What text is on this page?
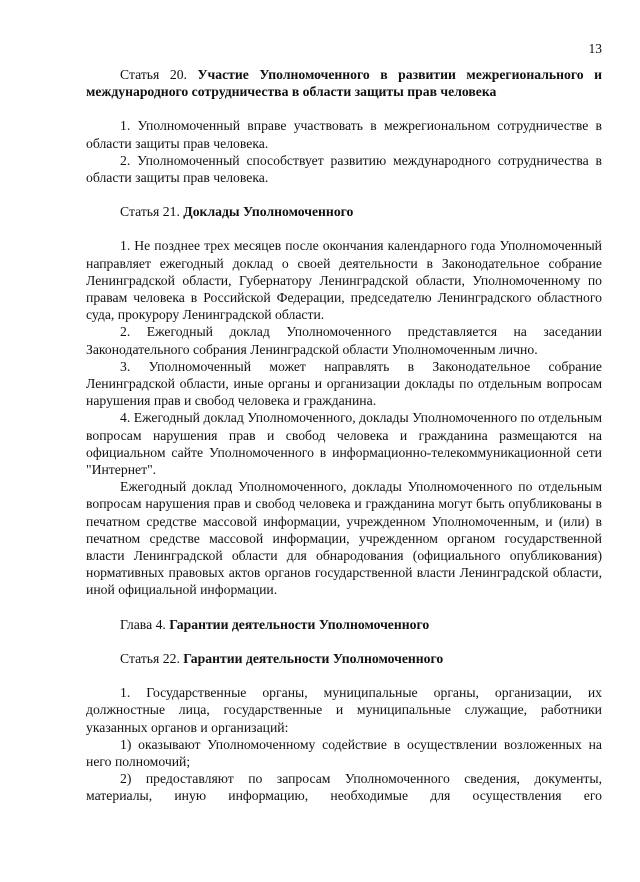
13

Статья 20. Участие Уполномоченного в развитии межрегионального и международного сотрудничества в области защиты прав человека

1. Уполномоченный вправе участвовать в межрегиональном сотрудничестве в области защиты прав человека.

2. Уполномоченный способствует развитию международного сотрудничества в области защиты прав человека.

Статья 21. Доклады Уполномоченного

1. Не позднее трех месяцев после окончания календарного года Уполномоченный направляет ежегодный доклад о своей деятельности в Законодательное собрание Ленинградской области, Губернатору Ленинградской области, Уполномоченному по правам человека в Российской Федерации, председателю Ленинградского областного суда, прокурору Ленинградской области.

2. Ежегодный доклад Уполномоченного представляется на заседании Законодательного собрания Ленинградской области Уполномоченным лично.

3. Уполномоченный может направлять в Законодательное собрание Ленинградской области, иные органы и организации доклады по отдельным вопросам нарушения прав и свобод человека и гражданина.

4. Ежегодный доклад Уполномоченного, доклады Уполномоченного по отдельным вопросам нарушения прав и свобод человека и гражданина размещаются на официальном сайте Уполномоченного в информационно-телекоммуникационной сети "Интернет".

Ежегодный доклад Уполномоченного, доклады Уполномоченного по отдельным вопросам нарушения прав и свобод человека и гражданина могут быть опубликованы в печатном средстве массовой информации, учрежденном Уполномоченным, и (или) в печатном средстве массовой информации, учрежденном органом государственной власти Ленинградской области для обнародования (официального опубликования) нормативных правовых актов органов государственной власти Ленинградской области, иной официальной информации.

Глава 4. Гарантии деятельности Уполномоченного

Статья 22. Гарантии деятельности Уполномоченного

1. Государственные органы, муниципальные органы, организации, их должностные лица, государственные и муниципальные служащие, работники указанных органов и организаций:

1) оказывают Уполномоченному содействие в осуществлении возложенных на него полномочий;

2) предоставляют по запросам Уполномоченного сведения, документы, материалы, иную информацию, необходимые для осуществления его
